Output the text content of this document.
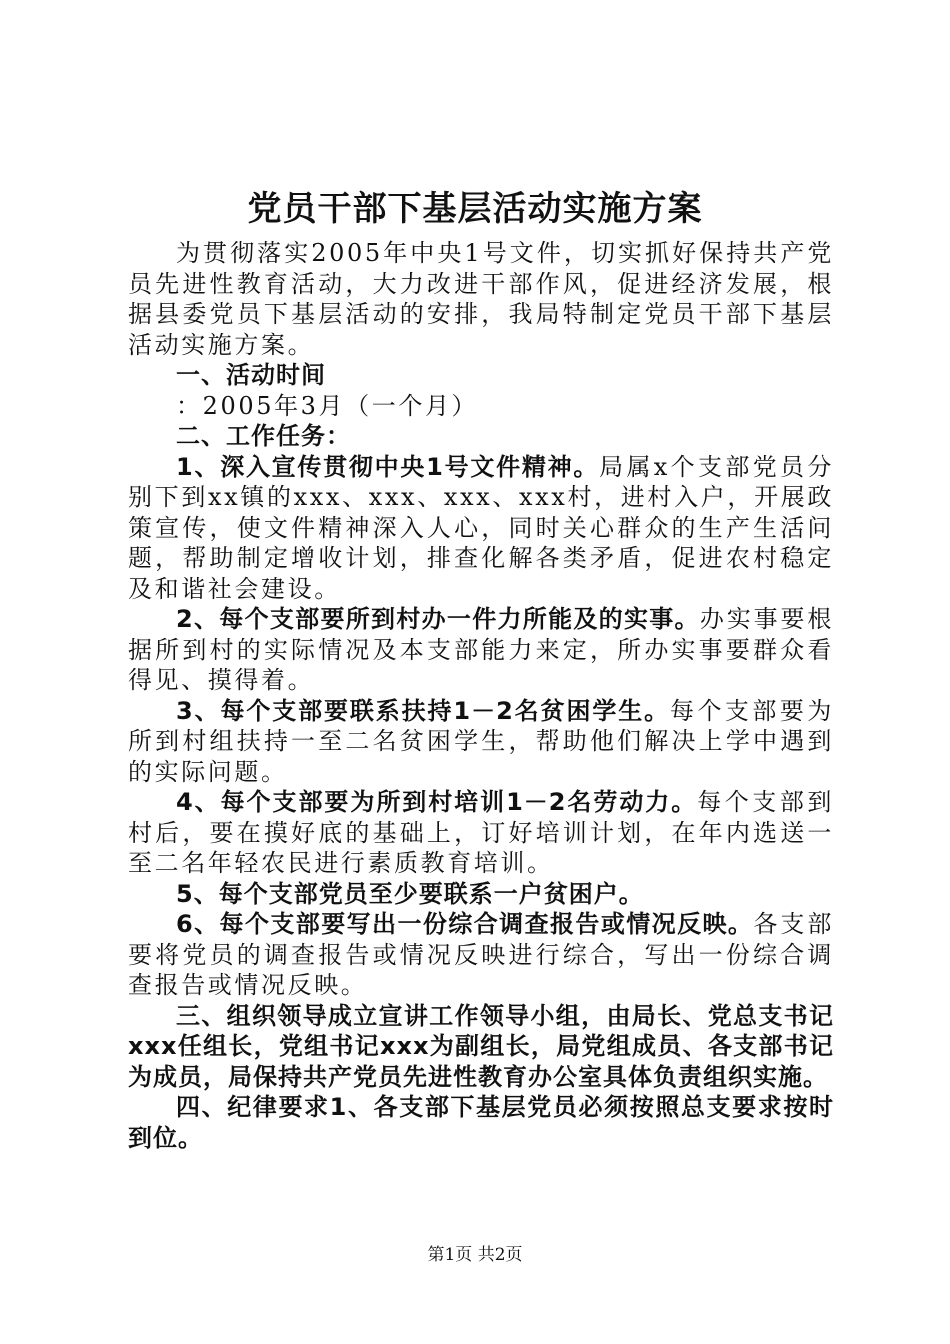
党员干部下基层活动实施方案

为贯彻落实2005年中央1号文件，切实抓好保持共产党员先进性教育活动，大力改进干部作风，促进经济发展，根据县委党员下基层活动的安排，我局特制定党员干部下基层活动实施方案。

一、活动时间

：2005年3月（一个月）

二、工作任务：

1、深入宣传贯彻中央1号文件精神。局属x个支部党员分别下到xx镇的xxx、xxx、xxx、xxx村，进村入户，开展政策宣传，使文件精神深入人心，同时关心群众的生产生活问题，帮助制定增收计划，排查化解各类矛盾，促进农村稳定及和谐社会建设。

2、每个支部要所到村办一件力所能及的实事。办实事要根据所到村的实际情况及本支部能力来定，所办实事要群众看得见、摸得着。

3、每个支部要联系扶持1－2名贫困学生。每个支部要为所到村组扶持一至二名贫困学生，帮助他们解决上学中遇到的实际问题。

4、每个支部要为所到村培训1－2名劳动力。每个支部到村后，要在摸好底的基础上，订好培训计划，在年内选送一至二名年轻农民进行素质教育培训。

5、每个支部党员至少要联系一户贫困户。

6、每个支部要写出一份综合调查报告或情况反映。各支部要将党员的调查报告或情况反映进行综合，写出一份综合调查报告或情况反映。

三、组织领导成立宣讲工作领导小组，由局长、党总支书记xxx任组长，党组书记xxx为副组长，局党组成员、各支部书记为成员，局保持共产党员先进性教育办公室具体负责组织实施。

四、纪律要求1、各支部下基层党员必须按照总支要求按时到位。

第1页 共2页
